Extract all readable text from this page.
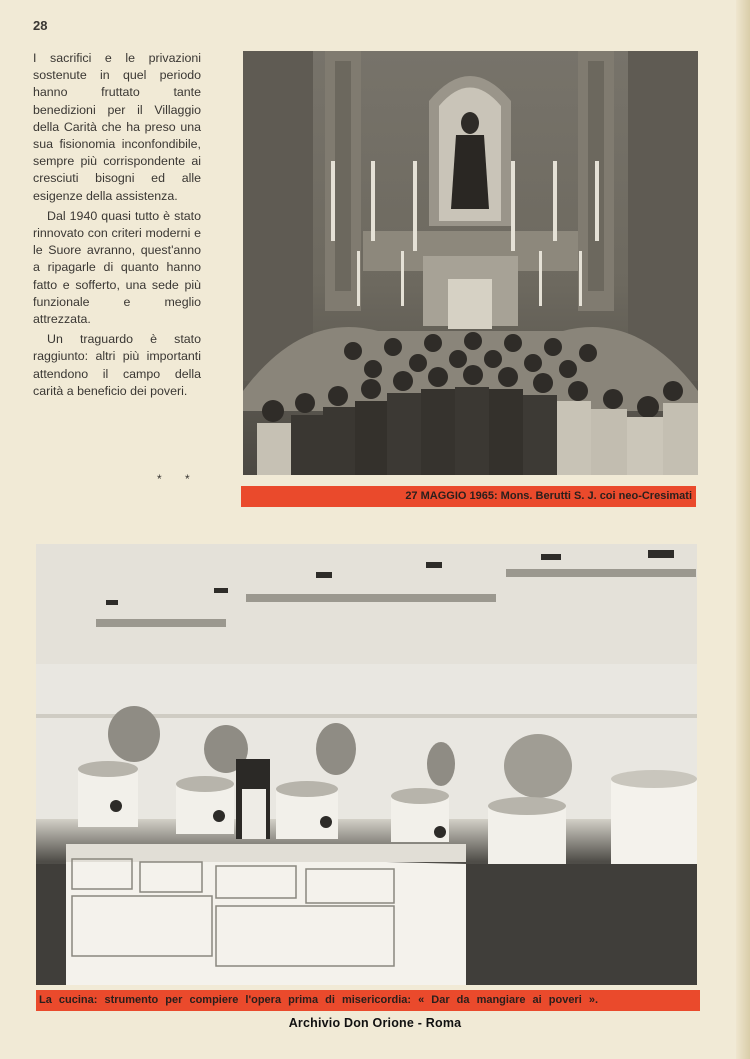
28

I sacrifici e le privazioni sostenute in quel periodo hanno fruttato tante benedizioni per il Villaggio della Carità che ha preso una sua fisionomia inconfondibile, sempre più corrispondente ai cresciuti bisogni ed alle esigenze della assistenza.

Dal 1940 quasi tutto è stato rinnovato con criteri moderni e le Suore avranno, quest'anno a ripagarle di quanto hanno fatto e sofferto, una sede più funzionale e meglio attrezzata.

Un traguardo è stato raggiunto: altri più importanti attendono il campo della carità a beneficio dei poveri.

* *
27 MAGGIO 1965: Mons. Berutti S. J. coi neo-Cresimati
La cucina: strumento per compiere l'opera prima di misericordia: « Dar da mangiare ai poveri ».
Archivio Don Orione - Roma
